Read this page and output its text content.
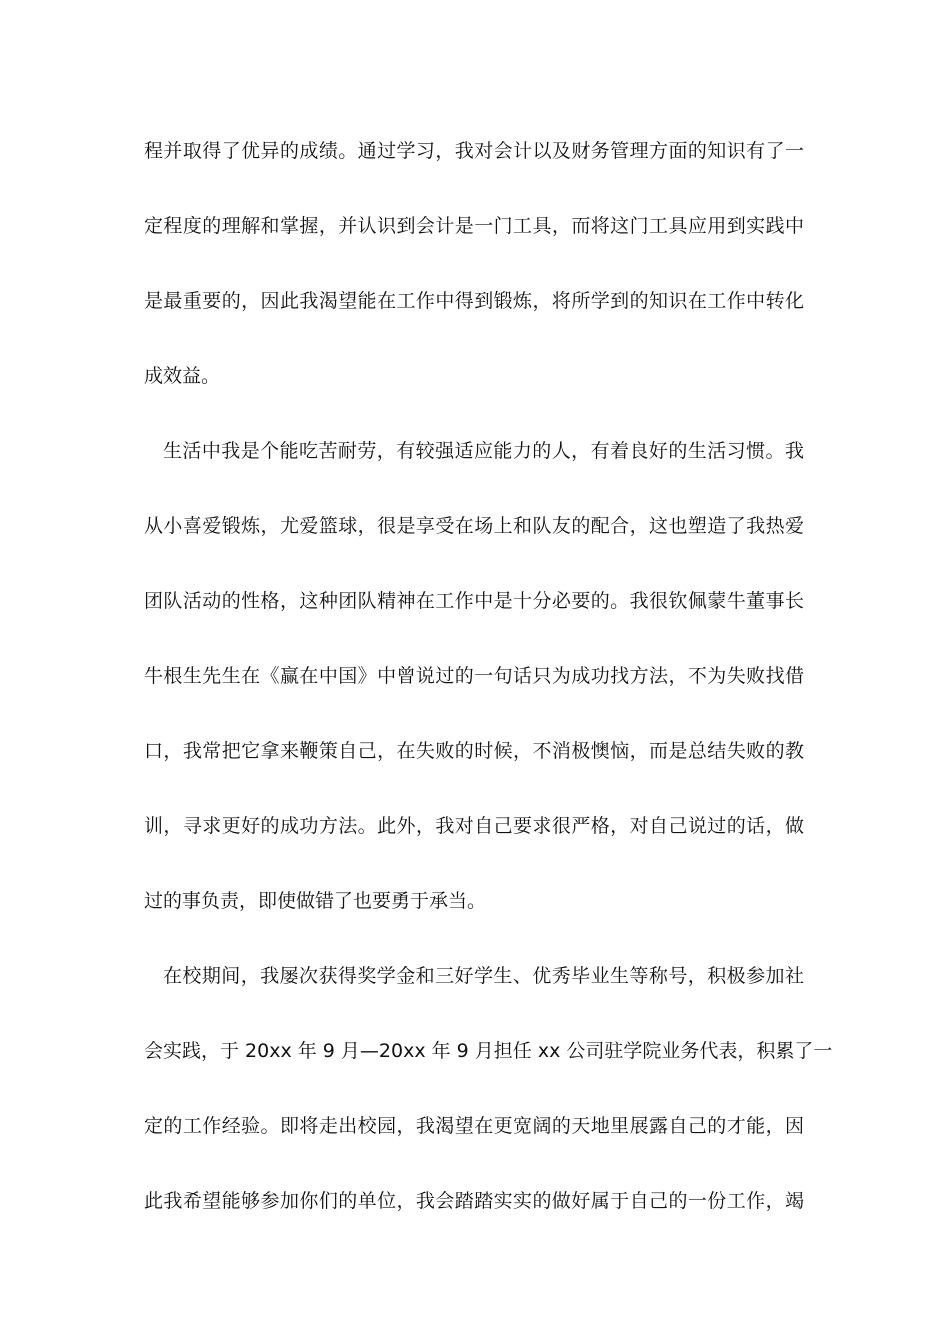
程并取得了优异的成绩。通过学习，我对会计以及财务管理方面的知识有了一
定程度的理解和掌握，并认识到会计是一门工具，而将这门工具应用到实践中
是最重要的，因此我渴望能在工作中得到锻炼，将所学到的知识在工作中转化
成效益。
生活中我是个能吃苦耐劳，有较强适应能力的人，有着良好的生活习惯。我
从小喜爱锻炼，尤爱篮球，很是享受在场上和队友的配合，这也塑造了我热爱
团队活动的性格，这种团队精神在工作中是十分必要的。我很钦佩蒙牛董事长
牛根生先生在《赢在中国》中曾说过的一句话只为成功找方法，不为失败找借
口，我常把它拿来鞭策自己，在失败的时候，不消极懊恼，而是总结失败的教
训，寻求更好的成功方法。此外，我对自己要求很严格，对自己说过的话，做
过的事负责，即使做错了也要勇于承当。
在校期间，我屡次获得奖学金和三好学生、优秀毕业生等称号，积极参加社
会实践，于 20xx 年 9 月—20xx 年 9 月担任 xx 公司驻学院业务代表，积累了一
定的工作经验。即将走出校园，我渴望在更宽阔的天地里展露自己的才能，因
此我希望能够参加你们的单位，我会踏踏实实的做好属于自己的一份工作，竭
